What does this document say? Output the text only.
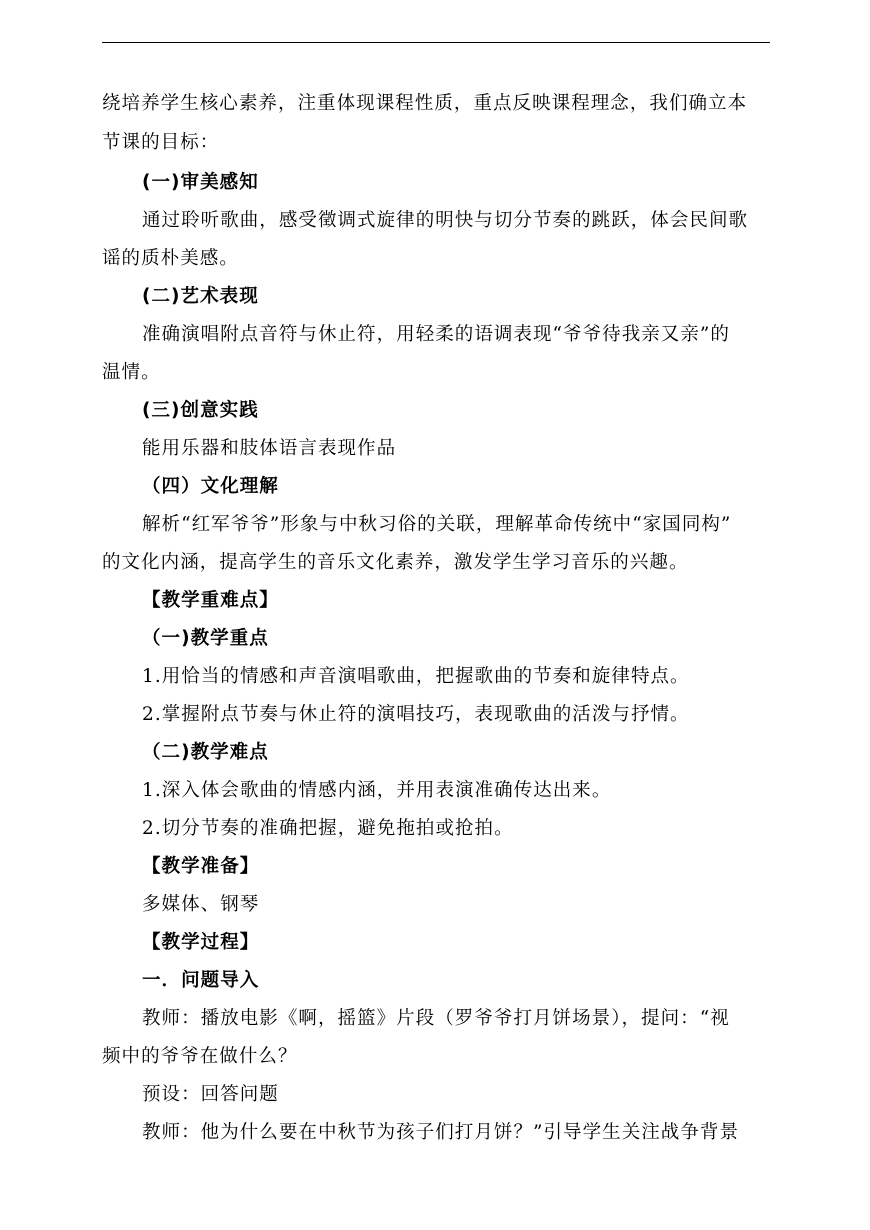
绕培养学生核心素养，注重体现课程性质，重点反映课程理念，我们确立本
节课的目标：
(一)审美感知
通过聆听歌曲，感受徵调式旋律的明快与切分节奏的跳跃，体会民间歌
谣的质朴美感。
(二)艺术表现
准确演唱附点音符与休止符，用轻柔的语调表现“爷爷待我亲又亲”的
温情。
(三)创意实践
能用乐器和肢体语言表现作品
（四）文化理解
解析“红军爷爷”形象与中秋习俗的关联，理解革命传统中“家国同构”
的文化内涵，提高学生的音乐文化素养，激发学生学习音乐的兴趣。
【教学重难点】
（一)教学重点
1.用恰当的情感和声音演唱歌曲，把握歌曲的节奏和旋律特点。
2.掌握附点节奏与休止符的演唱技巧，表现歌曲的活泼与抒情。
（二)教学难点
1.深入体会歌曲的情感内涵，并用表演准确传达出来。
2.切分节奏的准确把握，避免拖拍或抢拍。
【教学准备】
多媒体、钢琴
【教学过程】
一．问题导入
教师：播放电影《啊，摇篮》片段（罗爷爷打月饼场景），提问：“视
频中的爷爷在做什么？
预设：回答问题
教师：他为什么要在中秋节为孩子们打月饼？”引导学生关注战争背景
